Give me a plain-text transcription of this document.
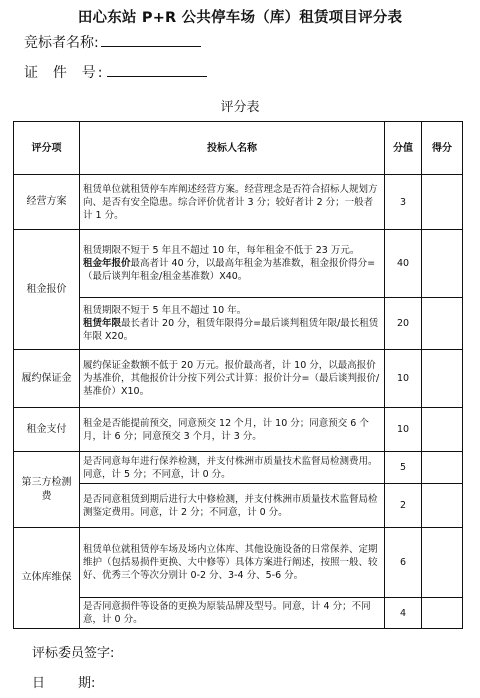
田心东站 P+R 公共停车场（库）租赁项目评分表
竞标者名称:
证  件  号:
评分表
评分项	投标人名称	分值	得分
经营方案	租赁单位就租赁停车库阐述经营方案。经营理念是否符合招标人规划方向、是否有安全隐患。综合评价优者计 3 分；较好者计 2 分；一般者计 1 分。	3	
租金报价	租赁期限不短于 5 年且不超过 10 年，每年租金不低于 23 万元。
租金年报价最高者计 40 分，以最高年租金为基准数，租金报价得分=（最后谈判年租金/租金基准数）X40。	40	
	租赁期限不短于 5 年且不超过 10 年。
租赁年限最长者计 20 分，租赁年限得分=最后谈判租赁年限/最长租赁年限 X20。	20	
履约保证金	履约保证金数额不低于 20 万元。报价最高者，计 10 分，以最高报价为基准价，其他报价计分按下列公式计算：报价计分=（最后谈判报价/基准价）X10。	10	
租金支付	租金是否能提前预交，同意预交 12 个月，计 10 分；同意预交 6 个月，计 6 分；同意预交 3 个月，计 3 分。	10	
第三方检测费	是否同意每年进行保养检测，并支付株洲市质量技术监督局检测费用。同意，计 5 分；不同意，计 0 分。	5	
	是否同意租赁到期后进行大中修检测，并支付株洲市质量技术监督局检测鉴定费用。同意，计 2 分；不同意，计 0 分。	2	
立体库维保	租赁单位就租赁停车场及场内立体库、其他设施设备的日常保养、定期维护（包括易损件更换、大中修等）具体方案进行阐述，按照一般、较好、优秀三个等次分别计 0-2 分、3-4 分、5-6 分。	6	
	是否同意损件等设备的更换为原装品牌及型号。同意，计 4 分；不同意，计 0 分。	4	
评标委员签字:
日        期:
